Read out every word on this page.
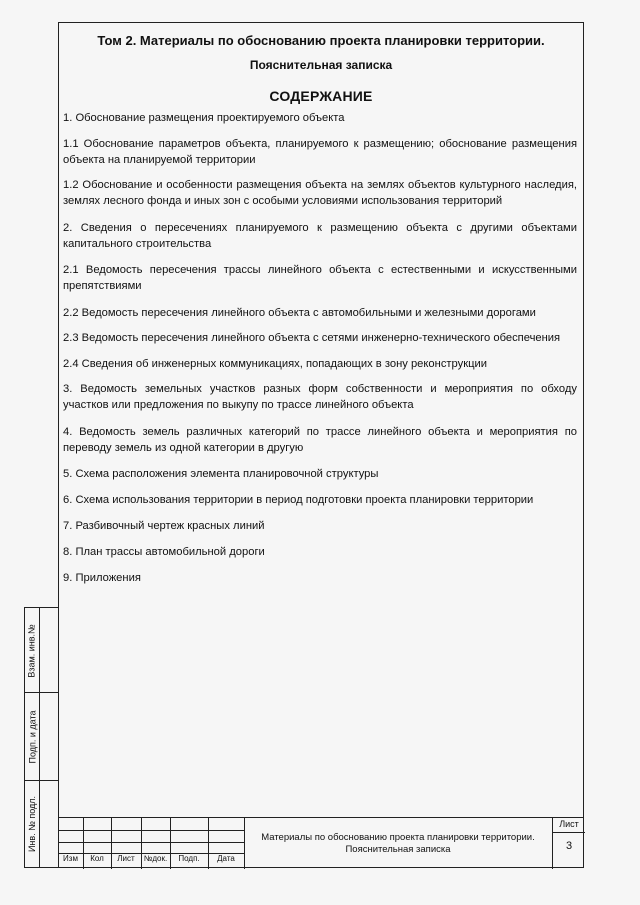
Том 2. Материалы по обоснованию проекта планировки территории.
Пояснительная записка
СОДЕРЖАНИЕ

1. Обоснование размещения проектируемого объекта

1.1 Обоснование параметров объекта, планируемого к размещению; обоснование размещения объекта на планируемой территории

1.2 Обоснование и особенности размещения объекта на землях объектов культурного наследия, землях лесного фонда и иных зон с особыми условиями использования территорий

2. Сведения о пересечениях планируемого к размещению объекта с другими объектами капитального строительства

2.1 Ведомость пересечения трассы линейного объекта с естественными и искусственными препятствиями

2.2 Ведомость пересечения линейного объекта с автомобильными и железными дорогами

2.3 Ведомость пересечения линейного объекта с сетями инженерно-технического обеспечения

2.4 Сведения об инженерных коммуникациях, попадающих в зону реконструкции

3. Ведомость земельных участков разных форм собственности и мероприятия по обходу участков или предложения по выкупу по трассе линейного объекта

4. Ведомость земель различных категорий по трассе линейного объекта и мероприятия по переводу земель из одной категории в другую

5. Схема расположения элемента планировочной структуры

6. Схема использования территории в период подготовки проекта планировки территории

7. Разбивочный чертеж красных линий

8. План трассы автомобильной дороги

9. Приложения

Взам. инв.№
Подп. и дата
Инв. № подл.
Изм	Кол	Лист	№док.	Подп.	Дата
Материалы по обоснованию проекта планировки территории.
Пояснительная записка
Лист
3
